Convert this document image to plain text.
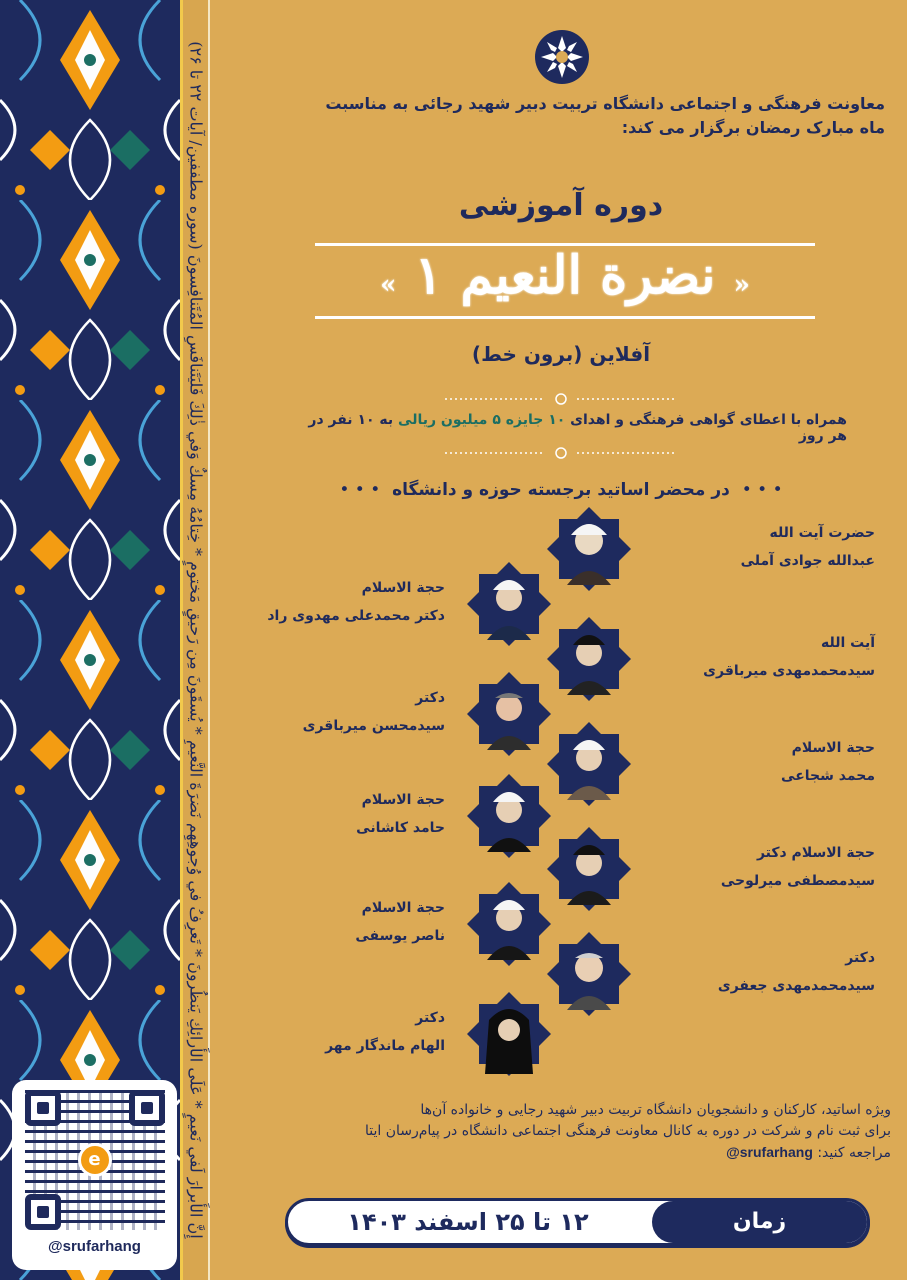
e
@srufarhang
إِنَّ الأَبرارَ لَفي نَعيمٍ * عَلَى الأَرائِكِ يَنظُرونَ * تَعرِفُ في وُجوهِهِم نَضرَةَ النَّعيمِ * يُسقَونَ مِن رَحيقٍ مَختومٍ * خِتامُهُ مِسكٌ وَفي ذٰلِكَ فَليَتَنافَسِ المُتَنافِسونَ (سوره مطففین/ آیات ۲۲ تا ۲۶)	معاونت فرهنگی و اجتماعی دانشگاه تربیت دبیر شهید رجائی به مناسبت
ماه مبارک رمضان برگزار می کند:
دوره آموزشی
« نضرة النعیم ۱ »
آفلاین (برون خط)
همراه با اعطای گواهی فرهنگی و اهدای ۱۰ جایزه ۵ میلیون ریالی به ۱۰ نفر در هر روز
• • •  در محضر اساتید برجسته حوزه و دانشگاه  • • •
حضرت آیت الله
عبدالله جوادی آملی
آیت الله
سیدمحمدمهدی میرباقری
حجة الاسلام
محمد شجاعی
حجة الاسلام دکتر
سیدمصطفی میرلوحی
دکتر
سیدمحمدمهدی جعفری
حجة الاسلام
دکتر محمدعلی مهدوی راد
دکتر
سیدمحسن میرباقری
حجة الاسلام
حامد کاشانی
حجة الاسلام
ناصر یوسفی
دکتر
الهام ماندگار مهر
ویژه اساتید، کارکنان و دانشجویان دانشگاه تربیت دبیر شهید رجایی و خانواده آن‌ها
برای ثبت نام و شرکت در دوره به کانال معاونت فرهنگی اجتماعی دانشگاه در پیام‌رسان ایتا
مراجعه کنید: @srufarhang
زمان
۱۲ تا ۲۵ اسفند ۱۴۰۳
